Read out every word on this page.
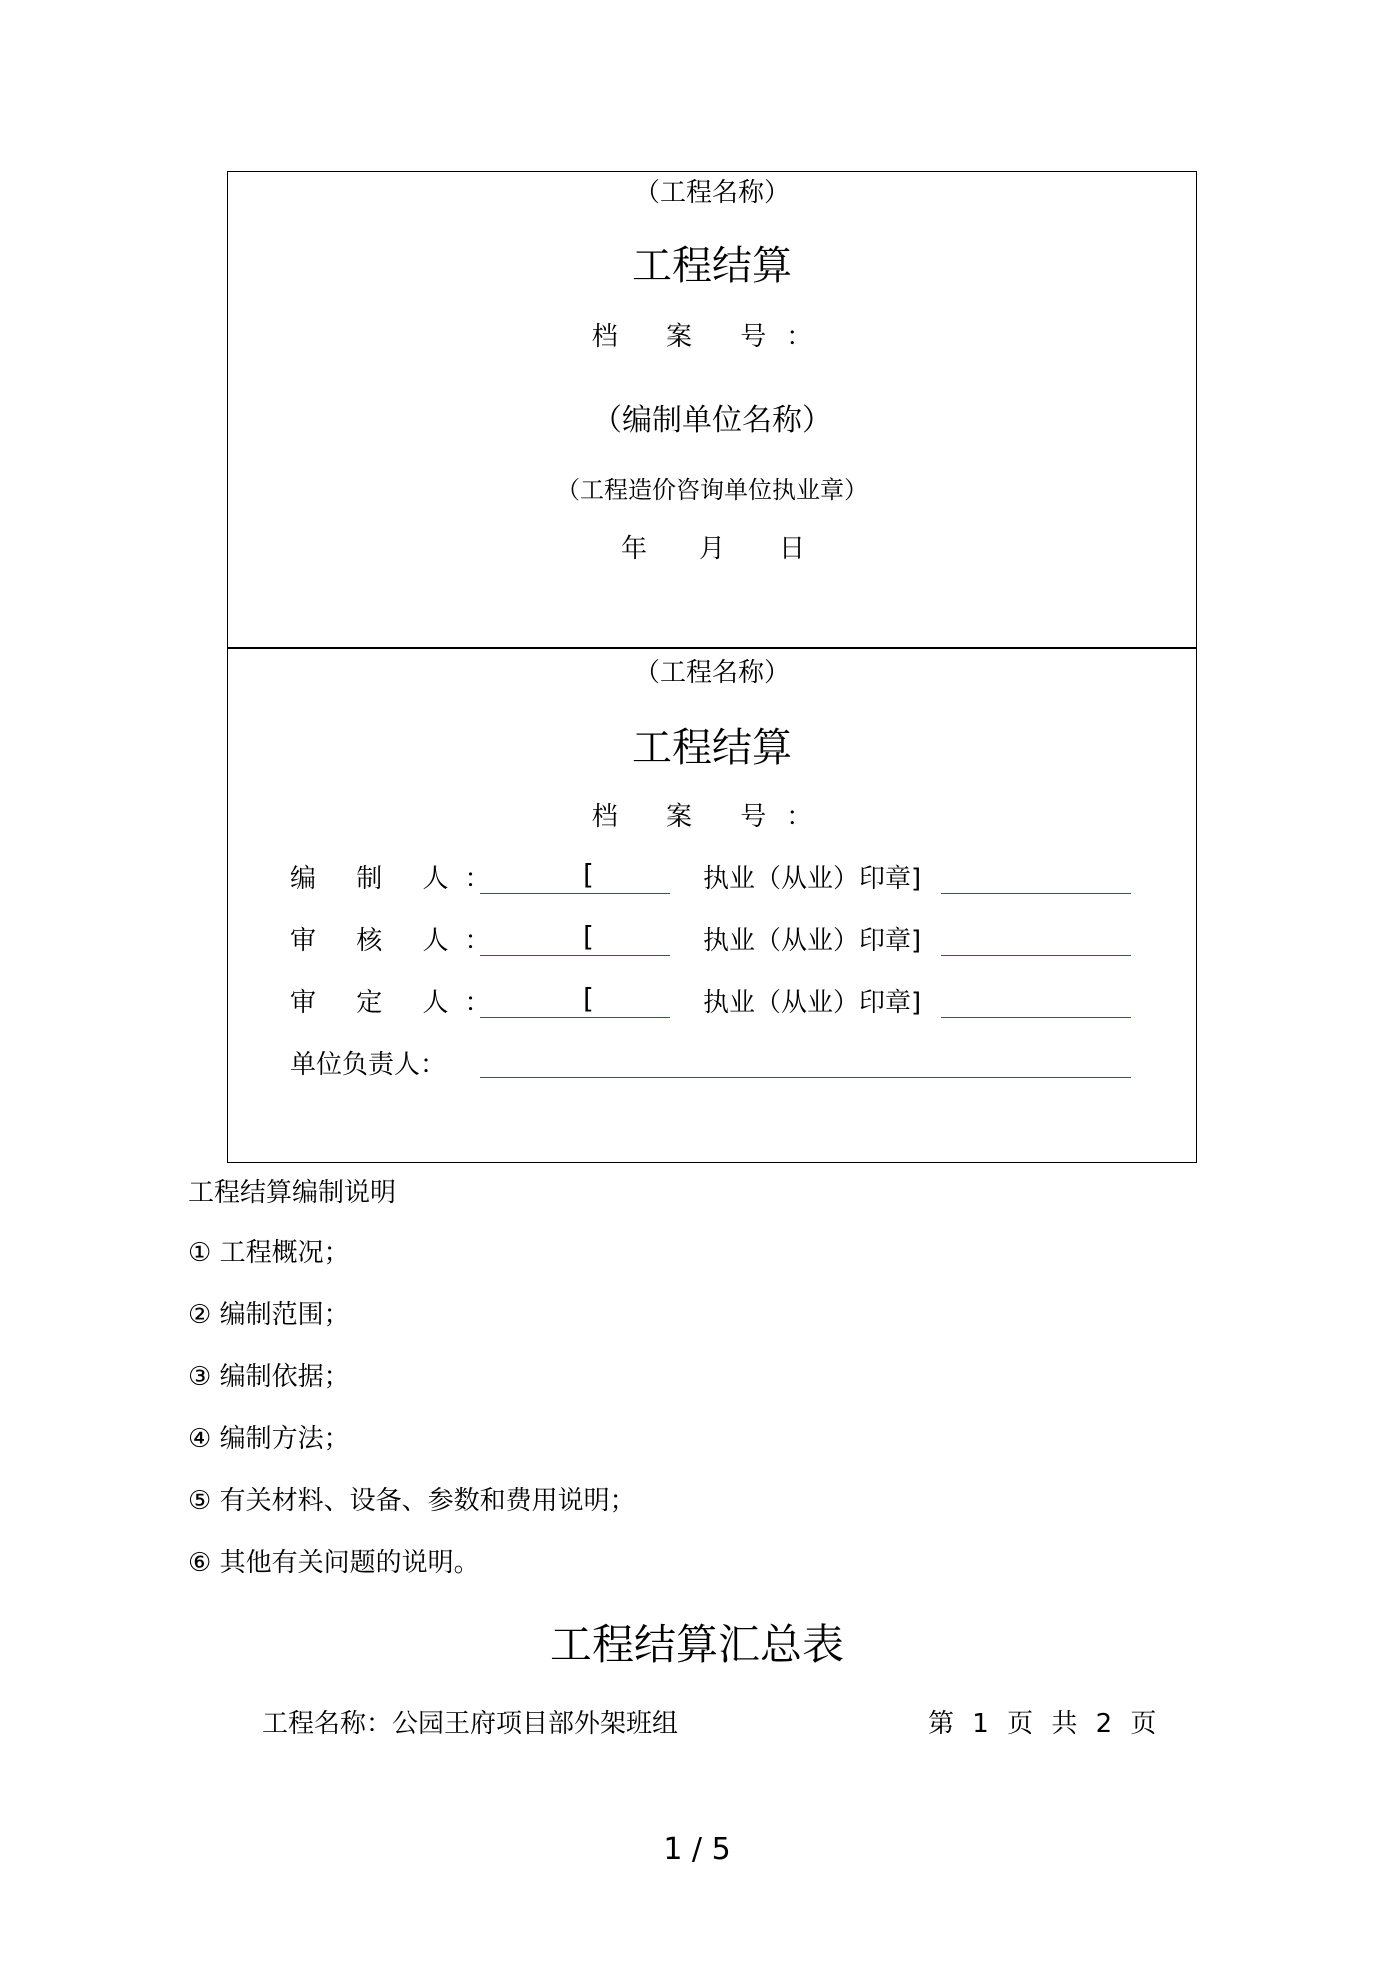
（工程名称）
工程结算
档 案 号：
（编制单位名称）
（工程造价咨询单位执业章）
年 月 日
（工程名称）
工程结算
档 案 号：
编 制 人：	[	执业（从业）印章]
审 核 人：	[	执业（从业）印章]
审 定 人：	[	执业（从业）印章]
单位负责人：
工程结算编制说明
① 工程概况；
② 编制范围；
③ 编制依据；
④ 编制方法；
⑤ 有关材料、设备、参数和费用说明；
⑥ 其他有关问题的说明。
工程结算汇总表
工程名称：公园王府项目部外架班组	第 1 页 共 2 页
1 / 5
